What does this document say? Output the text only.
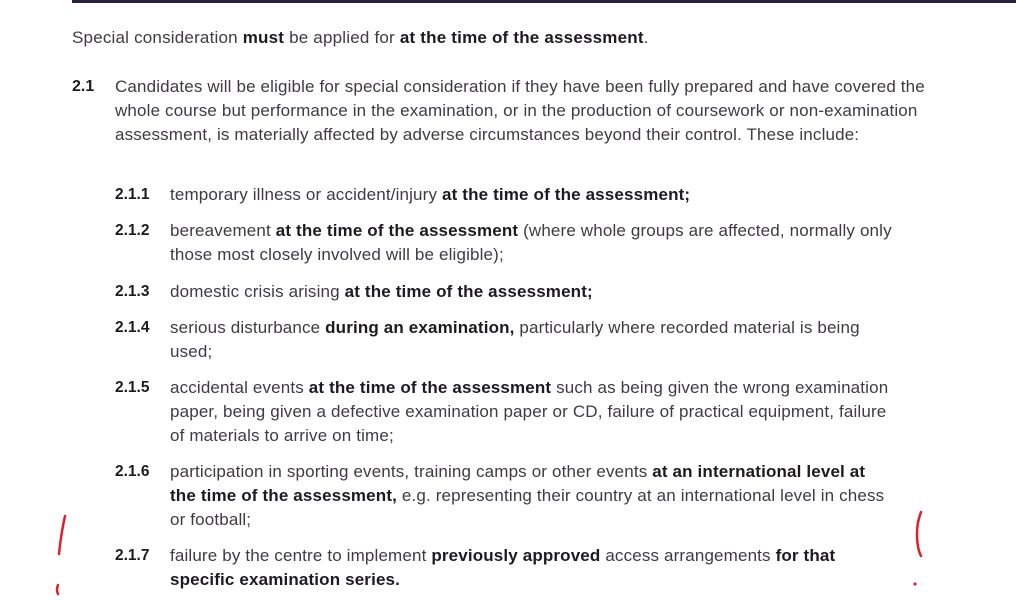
Special consideration must be applied for at the time of the assessment.
2.1 Candidates will be eligible for special consideration if they have been fully prepared and have covered the whole course but performance in the examination, or in the production of coursework or non-examination assessment, is materially affected by adverse circumstances beyond their control. These include:
2.1.1 temporary illness or accident/injury at the time of the assessment;
2.1.2 bereavement at the time of the assessment (where whole groups are affected, normally only those most closely involved will be eligible);
2.1.3 domestic crisis arising at the time of the assessment;
2.1.4 serious disturbance during an examination, particularly where recorded material is being used;
2.1.5 accidental events at the time of the assessment such as being given the wrong examination paper, being given a defective examination paper or CD, failure of practical equipment, failure of materials to arrive on time;
2.1.6 participation in sporting events, training camps or other events at an international level at the time of the assessment, e.g. representing their country at an international level in chess or football;
2.1.7 failure by the centre to implement previously approved access arrangements for that specific examination series.
